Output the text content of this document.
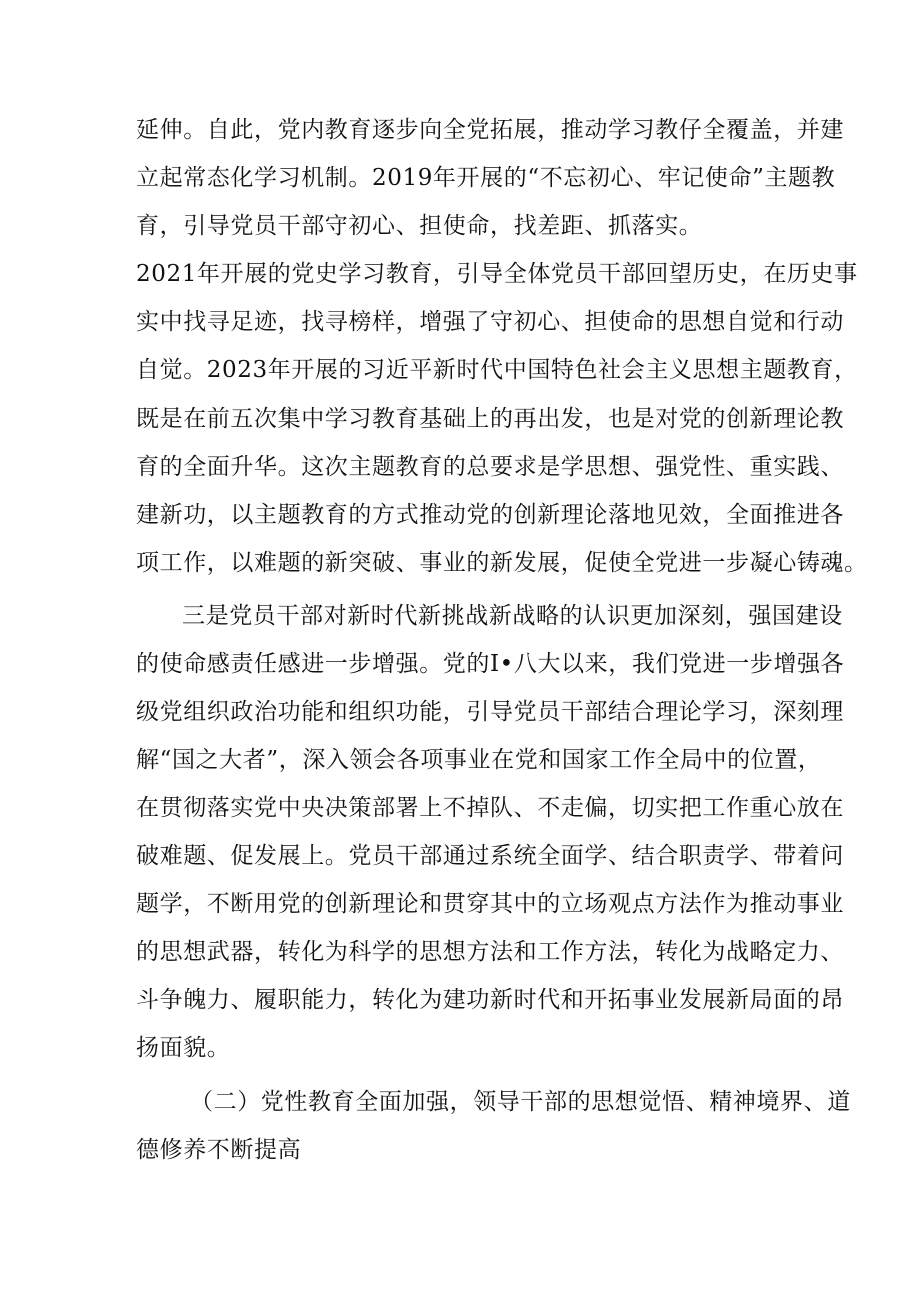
延伸。自此，党内教育逐步向全党拓展，推动学习教仔全覆盖，并建
立起常态化学习机制。2019年开展的“不忘初心、牢记使命”主题教
育，引导党员干部守初心、担使命，找差距、抓落实。
2021年开展的党史学习教育，引导全体党员干部回望历史，在历史事
实中找寻足迹，找寻榜样，增强了守初心、担使命的思想自觉和行动
自觉。2023年开展的习近平新时代中国特色社会主义思想主题教育，
既是在前五次集中学习教育基础上的再出发，也是对党的创新理论教
育的全面升华。这次主题教育的总要求是学思想、强党性、重实践、
建新功，以主题教育的方式推动党的创新理论落地见效，全面推进各
项工作，以难题的新突破、事业的新发展，促使全党进一步凝心铸魂。
三是党员干部对新时代新挑战新战略的认识更加深刻，强国建设
的使命感责任感进一步增强。党的I•八大以来，我们党进一步增强各
级党组织政治功能和组织功能，引导党员干部结合理论学习，深刻理
解“国之大者”，深入领会各项事业在党和国家工作全局中的位置，
在贯彻落实党中央决策部署上不掉队、不走偏，切实把工作重心放在
破难题、促发展上。党员干部通过系统全面学、结合职责学、带着问
题学，不断用党的创新理论和贯穿其中的立场观点方法作为推动事业
的思想武器，转化为科学的思想方法和工作方法，转化为战略定力、
斗争魄力、履职能力，转化为建功新时代和开拓事业发展新局面的昂
扬面貌。
（二）党性教育全面加强，领导干部的思想觉悟、精神境界、道
德修养不断提高
